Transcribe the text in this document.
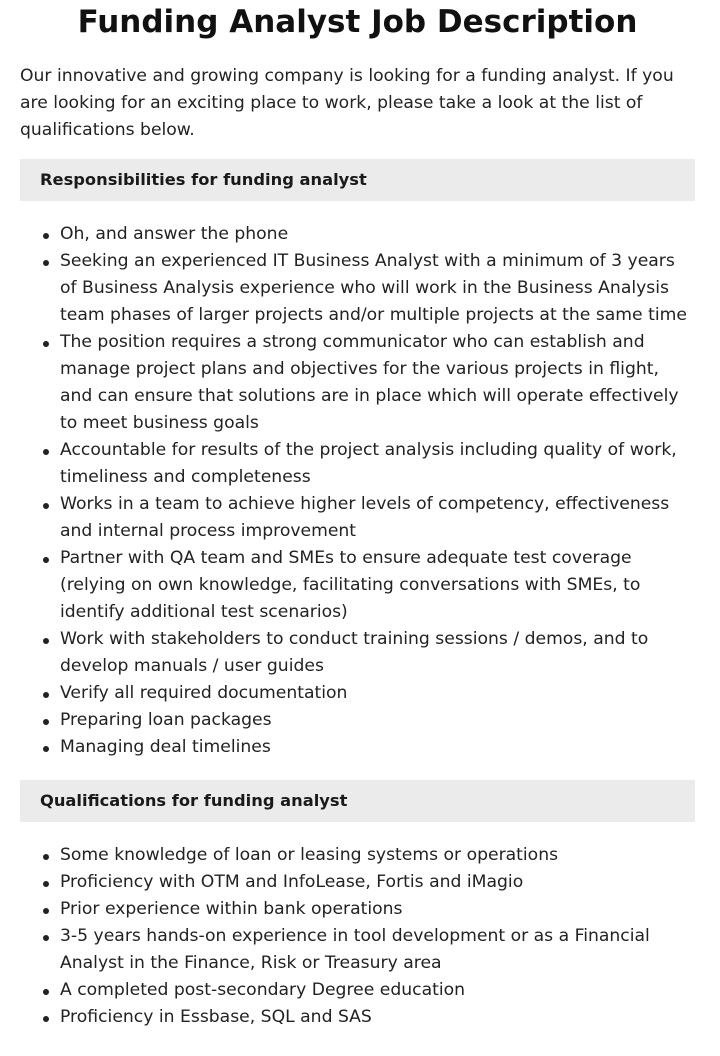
Funding Analyst Job Description

Our innovative and growing company is looking for a funding analyst. If you are looking for an exciting place to work, please take a look at the list of qualifications below.

Responsibilities for funding analyst
Oh, and answer the phone
Seeking an experienced IT Business Analyst with a minimum of 3 years of Business Analysis experience who will work in the Business Analysis team phases of larger projects and/or multiple projects at the same time
The position requires a strong communicator who can establish and manage project plans and objectives for the various projects in flight, and can ensure that solutions are in place which will operate effectively to meet business goals
Accountable for results of the project analysis including quality of work, timeliness and completeness
Works in a team to achieve higher levels of competency, effectiveness and internal process improvement
Partner with QA team and SMEs to ensure adequate test coverage (relying on own knowledge, facilitating conversations with SMEs, to identify additional test scenarios)
Work with stakeholders to conduct training sessions / demos, and to develop manuals / user guides
Verify all required documentation
Preparing loan packages
Managing deal timelines
Qualifications for funding analyst
Some knowledge of loan or leasing systems or operations
Proficiency with OTM and InfoLease, Fortis and iMagio
Prior experience within bank operations
3-5 years hands-on experience in tool development or as a Financial Analyst in the Finance, Risk or Treasury area
A completed post-secondary Degree education
Proficiency in Essbase, SQL and SAS
